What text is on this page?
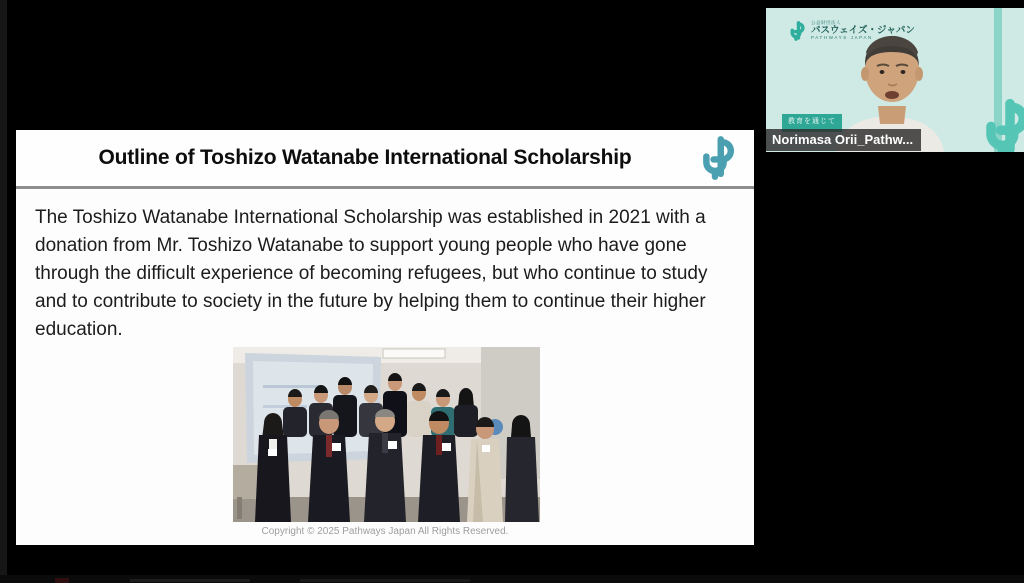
Outline of Toshizo Watanabe International Scholarship
The Toshizo Watanabe International Scholarship was established in 2021 with a donation from Mr. Toshizo Watanabe to support young people who have gone through the difficult experience of becoming refugees, but who continue to study and to contribute to society in the future by helping them to continue their higher education.
Copyright © 2025 Pathways Japan All Rights Reserved.
公益財団法人
パスウェイズ・ジャパン
PATHWAYS JAPAN
教育を通じて
Norimasa Orii_Pathw...
